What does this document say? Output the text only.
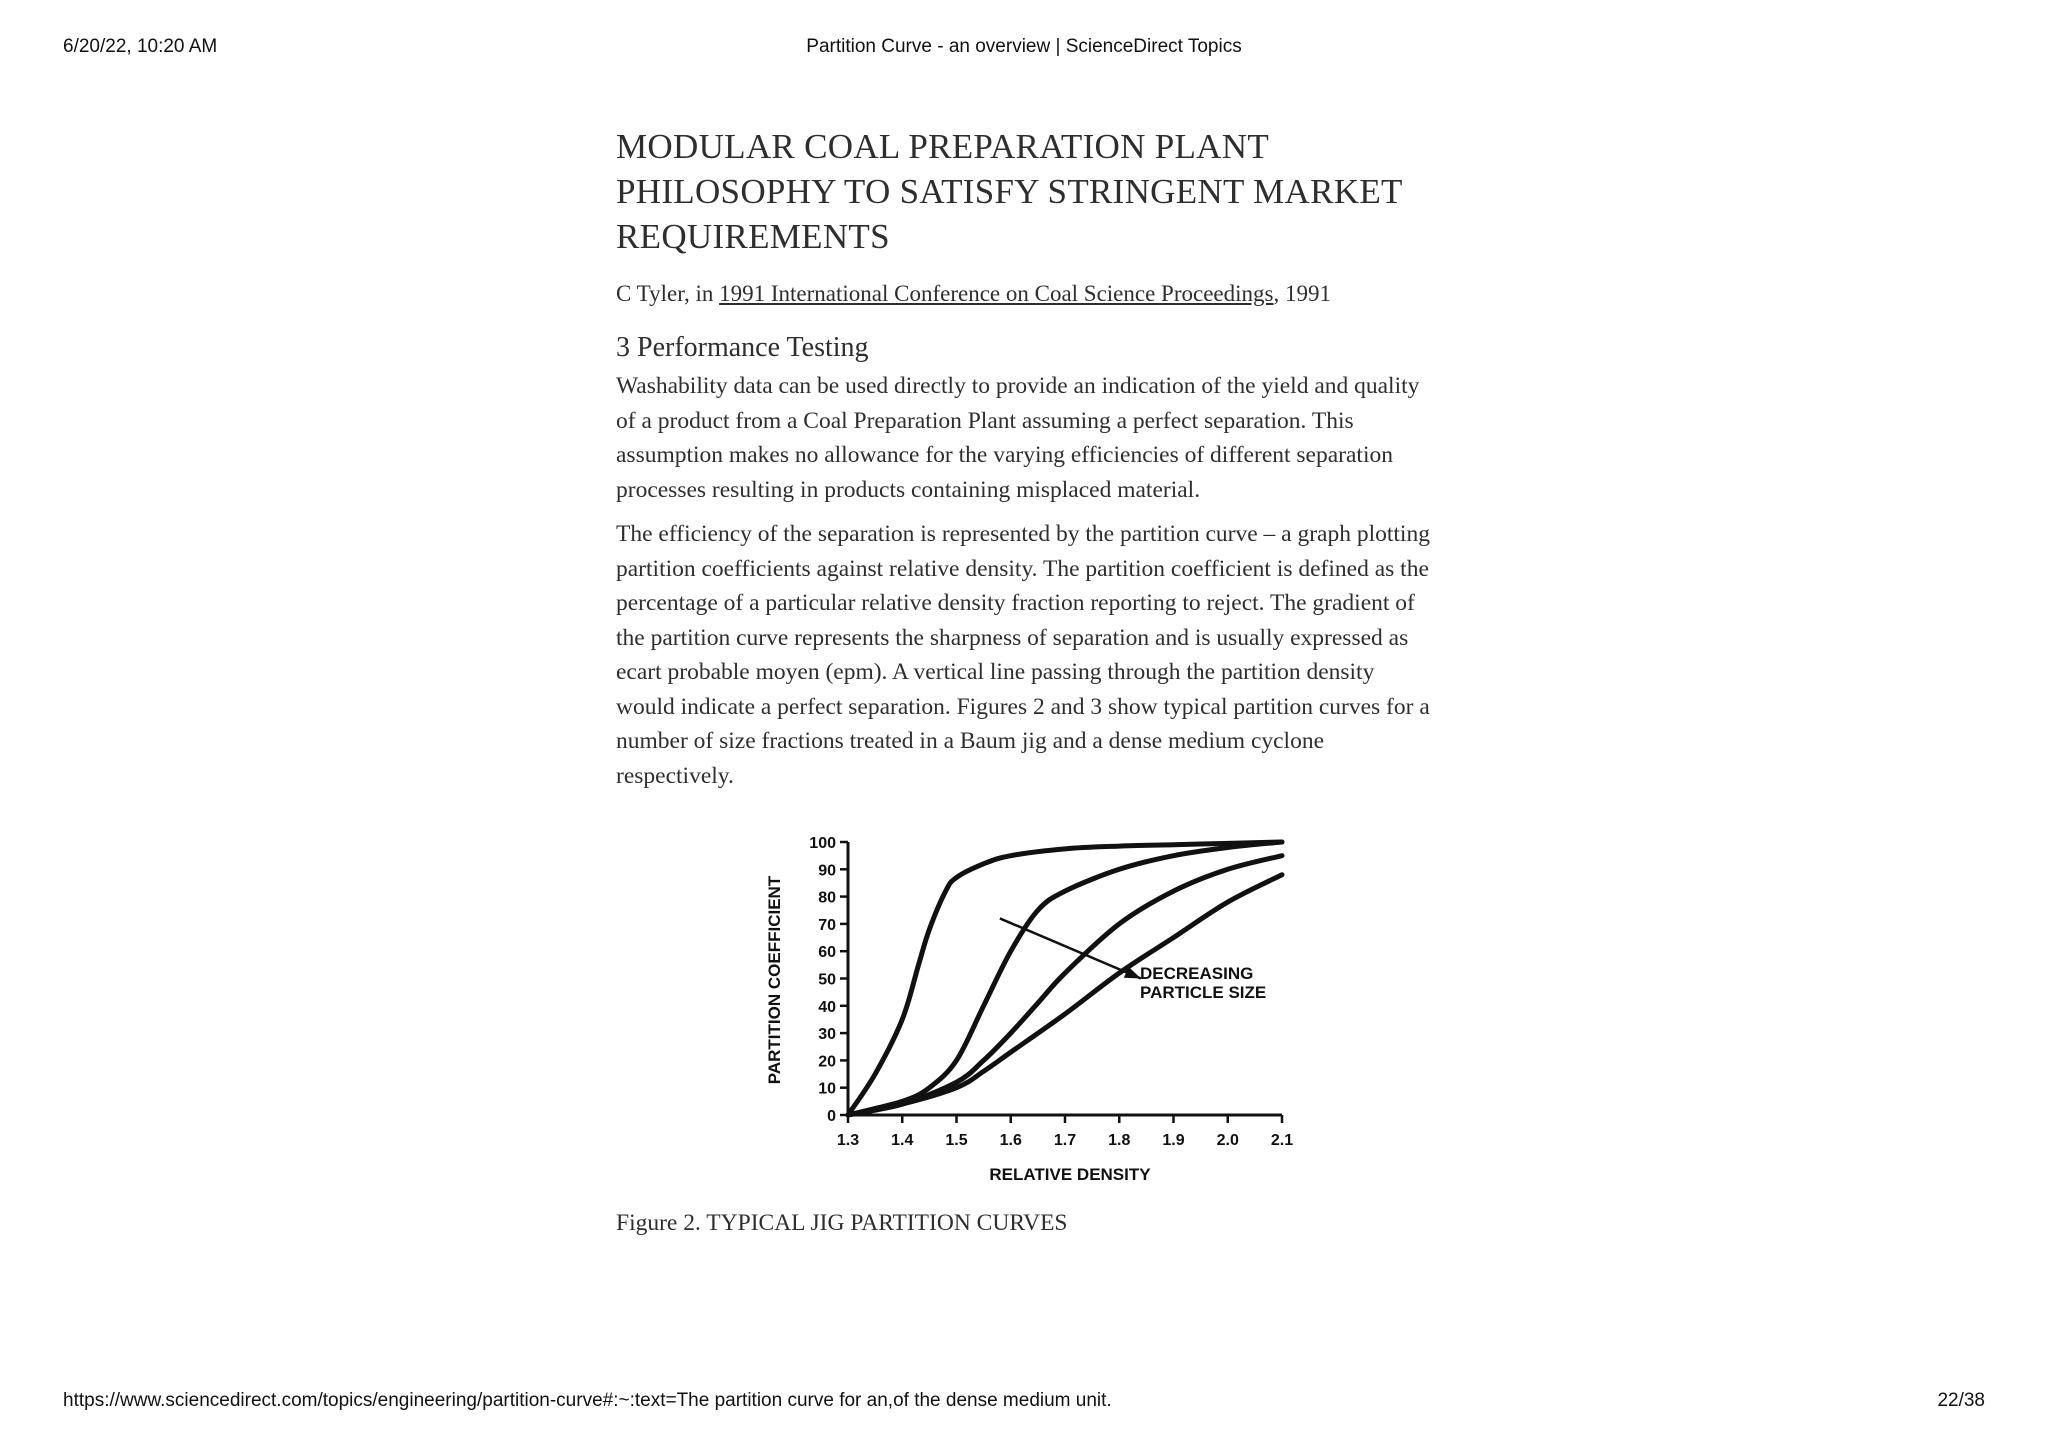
6/20/22, 10:20 AM	Partition Curve - an overview | ScienceDirect Topics
MODULAR COAL PREPARATION PLANT PHILOSOPHY TO SATISFY STRINGENT MARKET REQUIREMENTS
C Tyler, in 1991 International Conference on Coal Science Proceedings, 1991
3 Performance Testing

Washability data can be used directly to provide an indication of the yield and quality of a product from a Coal Preparation Plant assuming a perfect separation. This assumption makes no allowance for the varying efficiencies of different separation processes resulting in products containing misplaced material.

The efficiency of the separation is represented by the partition curve – a graph plotting partition coefficients against relative density. The partition coefficient is defined as the percentage of a particular relative density fraction reporting to reject. The gradient of the partition curve represents the sharpness of separation and is usually expressed as ecart probable moyen (epm). A vertical line passing through the partition density would indicate a perfect separation. Figures 2 and 3 show typical partition curves for a number of size fractions treated in a Baum jig and a dense medium cyclone respectively.

0
10
20
30
40
50
60
70
80
90
100
1.3 1.4 1.5 1.6 1.7 1.8 1.9 2.0 2.1
PARTITION COEFFICIENT
RELATIVE DENSITY
DECREASING
PARTICLE SIZE
Figure 2. TYPICAL JIG PARTITION CURVES
https://www.sciencedirect.com/topics/engineering/partition-curve#:~:text=The partition curve for an,of the dense medium unit.	22/38
